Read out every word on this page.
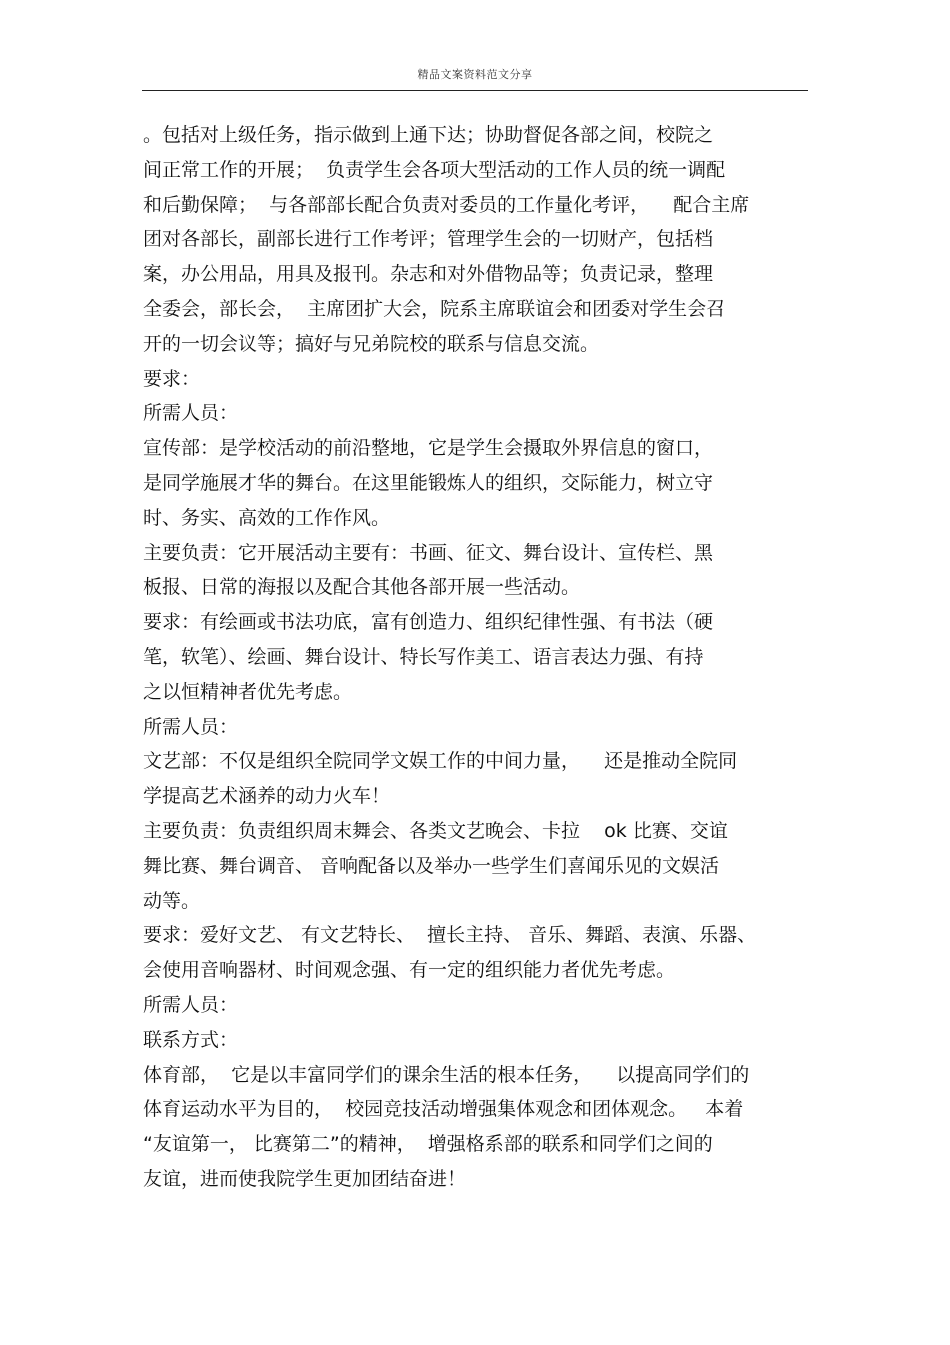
精品文案资料范文分享
。包括对上级任务，指示做到上通下达；协助督促各部之间，校院之
间正常工作的开展；  负责学生会各项大型活动的工作人员的统一调配
和后勤保障；  与各部部长配合负责对委员的工作量化考评，    配合主席
团对各部长，副部长进行工作考评；管理学生会的一切财产，包括档
案，办公用品，用具及报刊。杂志和对外借物品等；负责记录，整理
全委会，部长会，  主席团扩大会，院系主席联谊会和团委对学生会召
开的一切会议等；搞好与兄弟院校的联系与信息交流。
要求：
所需人员：
宣传部：是学校活动的前沿整地，它是学生会摄取外界信息的窗口，
是同学施展才华的舞台。在这里能锻炼人的组织，交际能力，树立守
时、务实、高效的工作作风。
主要负责：它开展活动主要有：书画、征文、舞台设计、宣传栏、黑
板报、日常的海报以及配合其他各部开展一些活动。
要求：有绘画或书法功底，富有创造力、组织纪律性强、有书法（硬
笔，软笔）、绘画、舞台设计、特长写作美工、语言表达力强、有持
之以恒精神者优先考虑。
所需人员：
文艺部：不仅是组织全院同学文娱工作的中间力量，    还是推动全院同
学提高艺术涵养的动力火车！
主要负责：负责组织周末舞会、各类文艺晚会、卡拉    ok 比赛、交谊
舞比赛、舞台调音、 音响配备以及举办一些学生们喜闻乐见的文娱活
动等。
要求：爱好文艺、 有文艺特长、  擅长主持、 音乐、舞蹈、表演、乐器、
会使用音响器材、时间观念强、有一定的组织能力者优先考虑。
所需人员：
联系方式：
体育部，  它是以丰富同学们的课余生活的根本任务，    以提高同学们的
体育运动水平为目的，  校园竞技活动增强集体观念和团体观念。   本着
“友谊第一， 比赛第二”的精神，  增强格系部的联系和同学们之间的
友谊，进而使我院学生更加团结奋进！
